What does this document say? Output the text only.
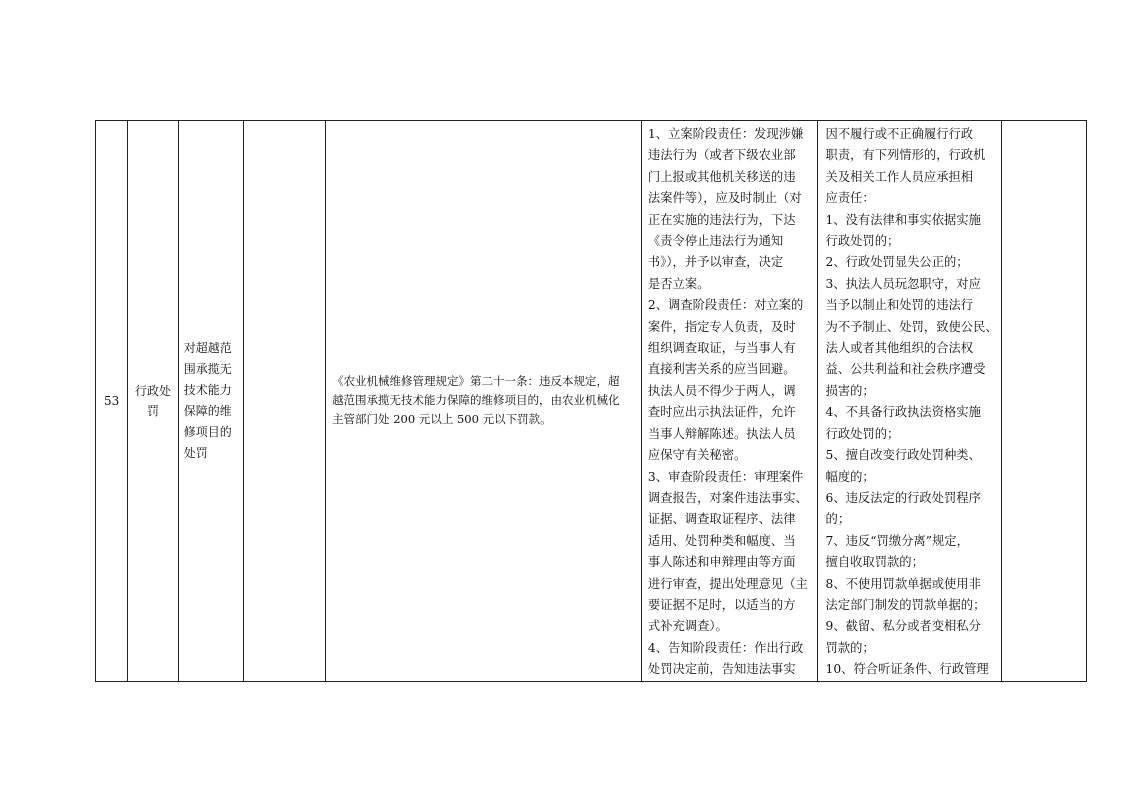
53	
行政处
罚

对超越范
围承揽无
技术能力
保障的维
修项目的
处罚

《农业机械维修管理规定》第二十一条：违反本规定，超
越范围承揽无技术能力保障的维修项目的，由农业机械化
主管部门处 200 元以上 500 元以下罚款。

1、立案阶段责任：发现涉嫌
违法行为（或者下级农业部
门上报或其他机关移送的违
法案件等），应及时制止（对
正在实施的违法行为，下达
《责令停止违法行为通知
书》），并予以审查，决定
是否立案。
2、调查阶段责任：对立案的
案件，指定专人负责，及时
组织调查取证，与当事人有
直接利害关系的应当回避。
执法人员不得少于两人，调
查时应出示执法证件，允许
当事人辩解陈述。执法人员
应保守有关秘密。
3、审查阶段责任：审理案件
调查报告，对案件违法事实、
证据、调查取证程序、法律
适用、处罚种类和幅度、当
事人陈述和申辩理由等方面
进行审查，提出处理意见（主
要证据不足时，以适当的方
式补充调查）。
4、告知阶段责任：作出行政
处罚决定前，告知违法事实

因不履行或不正确履行行政
职责，有下列情形的，行政机
关及相关工作人员应承担相
应责任：
1、没有法律和事实依据实施
行政处罚的；
2、行政处罚显失公正的；
3、执法人员玩忽职守，对应
当予以制止和处罚的违法行
为不予制止、处罚，致使公民、
法人或者其他组织的合法权
益、公共利益和社会秩序遭受
损害的；
4、不具备行政执法资格实施
行政处罚的；
5、擅自改变行政处罚种类、
幅度的；
6、违反法定的行政处罚程序
的；
7、违反“罚缴分离”规定，
擅自收取罚款的；
8、不使用罚款单据或使用非
法定部门制发的罚款单据的；
9、截留、私分或者变相私分
罚款的；
10、符合听证条件、行政管理
